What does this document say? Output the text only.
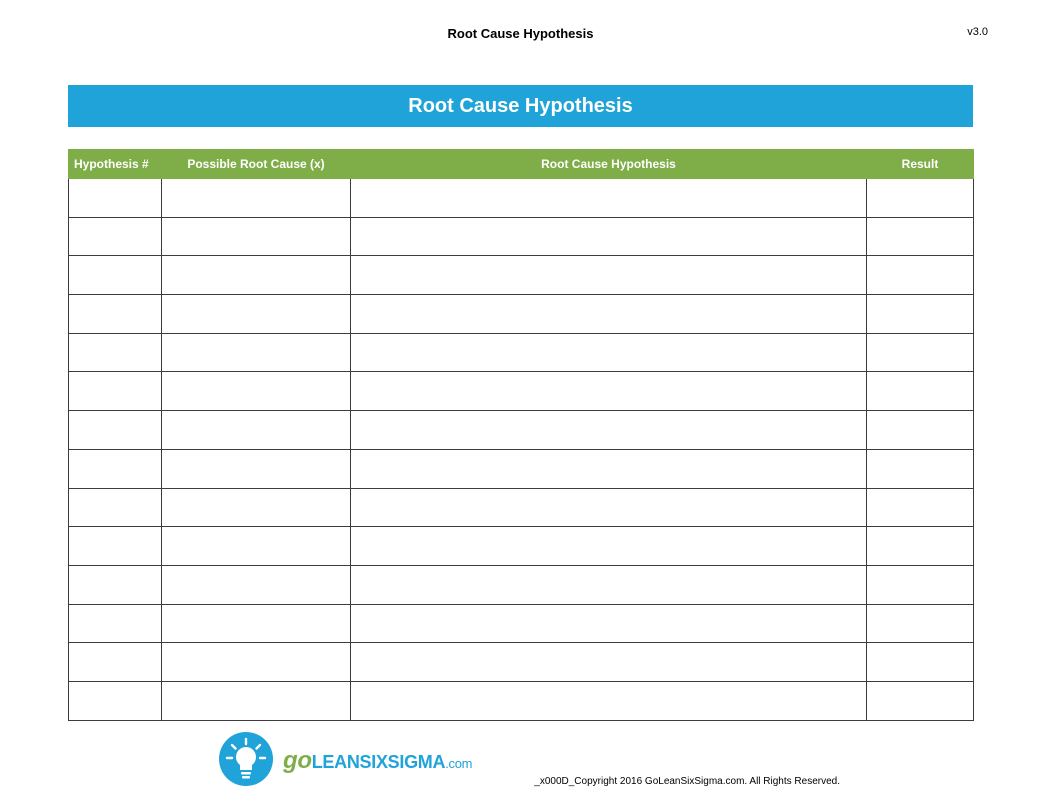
Root Cause Hypothesis	v3.0
Root Cause Hypothesis
Hypothesis #	Possible Root Cause (x)	Root Cause Hypothesis	Result

goLEANSIXSIGMA.com
_x000D_Copyright 2016 GoLeanSixSigma.com. All Rights Reserved.
